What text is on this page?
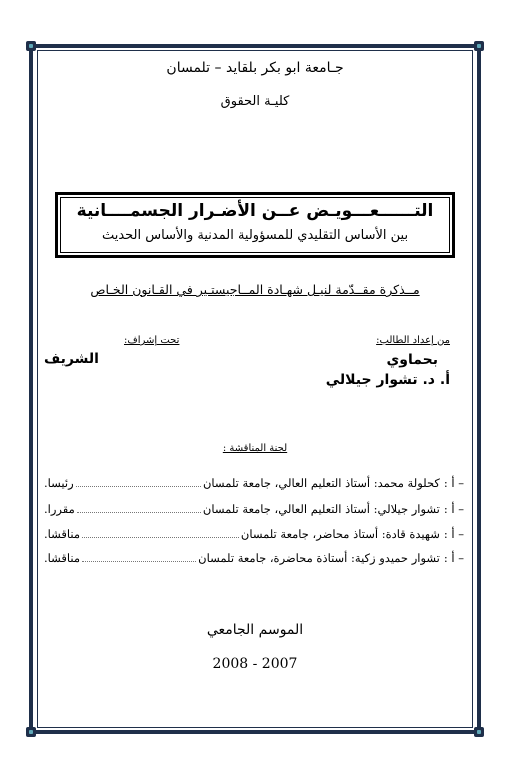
جـامعة ابو بكر بلقايد – تلمسان
كليـة الحقوق
التــــــعـــويـض عــن الأضـرار الجسمــــانية
بين الأساس التقليدي للمسؤولية المدنية والأساس الحديث
مــذكرة مقــدّمة لنيـل شهـادة المــاجيستـير في القـانون الخـاص
من إعداد الطالب:
بحماوي
أ. د. تشوار جيلالي
تحت إشراف:
الشريف
لجنة المناقشة :
– أ :
كحلولة محمد: أستاذ التعليم العالي، جامعة تلمسان
رئيسا.
– أ :
تشوار جيلالي: أستاذ التعليم العالي، جامعة تلمسان
مقررا.
– أ :
شهيدة قادة: أستاذ محاضر، جامعة تلمسان
مناقشا.
– أ :
تشوار حميدو زكية: أستاذة محاضرة، جامعة تلمسان
مناقشا.
الموسم الجامعي
2008 - 2007
